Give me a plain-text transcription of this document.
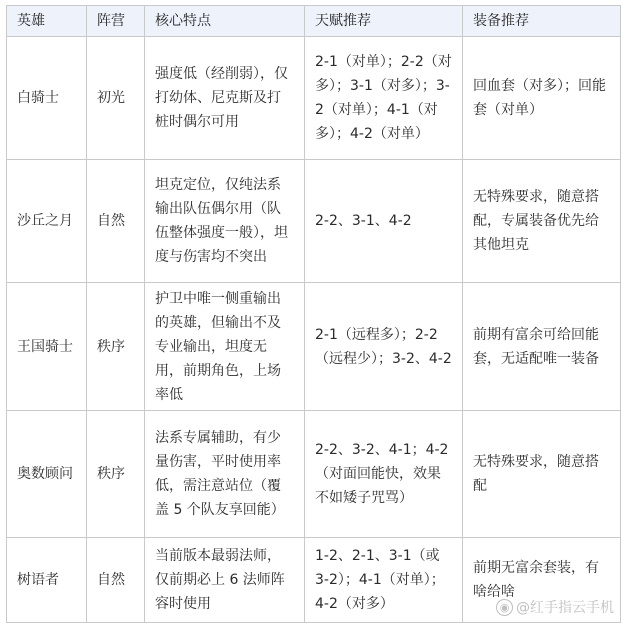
英雄	阵营	核心特点	天赋推荐	装备推荐
白骑士	初光	强度低（经削弱），仅打幼体、尼克斯及打桩时偶尔可用	2-1（对单）；2-2（对多）；3-1（对多）；3-2（对单）；4-1（对多）；4-2（对单）	回血套（对多）；回能套（对单）
沙丘之月	自然	坦克定位，仅纯法系输出队伍偶尔用（队伍整体强度一般），坦度与伤害均不突出	2-2、3-1、4-2	无特殊要求，随意搭配，专属装备优先给其他坦克
王国骑士	秩序	护卫中唯一侧重输出的英雄，但输出不及专业输出，坦度无用，前期角色，上场率低	2-1（远程多）；2-2（远程少）；3-2、4-2	前期有富余可给回能套，无适配唯一装备
奥数顾问	秩序	法系专属辅助，有少量伤害，平时使用率低，需注意站位（覆盖 5 个队友享回能）	2-2、3-2、4-1；4-2（对面回能快，效果不如矮子咒骂）	无特殊要求，随意搭配
树语者	自然	当前版本最弱法师，仅前期必上 6 法师阵容时使用	1-2、2-1、3-1（或3-2）；4-1（对单）；4-2（对多）	前期无富余套装，有啥给啥
◉ @红手指云手机
